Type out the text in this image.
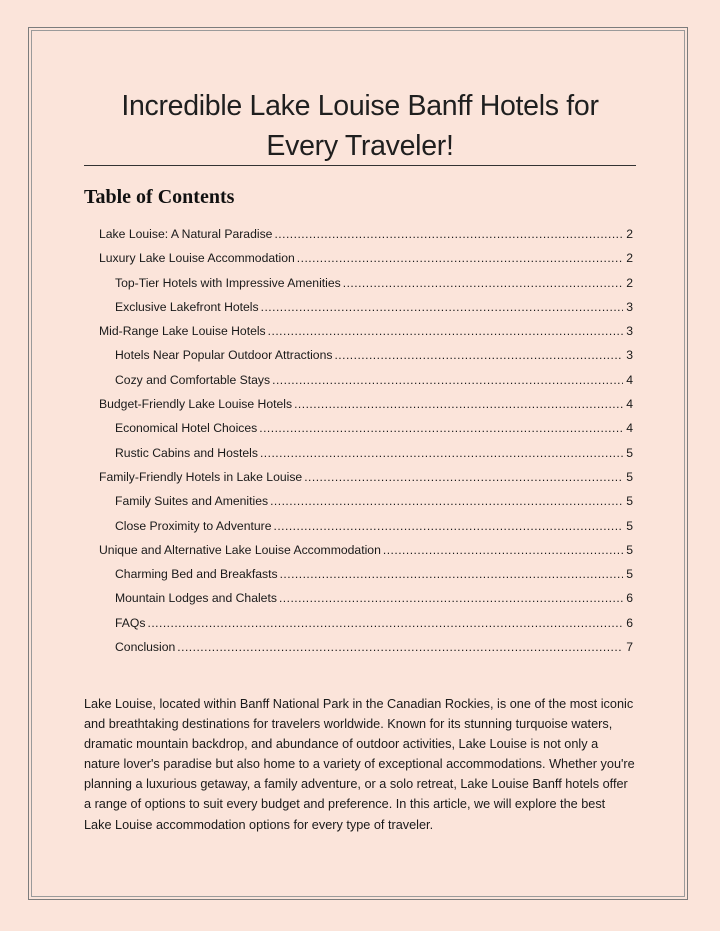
Incredible Lake Louise Banff Hotels for
Every Traveler!
Table of Contents
Lake Louise: A Natural Paradise .....	2
Luxury Lake Louise Accommodation .....	2
Top-Tier Hotels with Impressive Amenities .....	2
Exclusive Lakefront Hotels .....	3
Mid-Range Lake Louise Hotels .....	3
Hotels Near Popular Outdoor Attractions .....	3
Cozy and Comfortable Stays .....	4
Budget-Friendly Lake Louise Hotels .....	4
Economical Hotel Choices .....	4
Rustic Cabins and Hostels .....	5
Family-Friendly Hotels in Lake Louise .....	5
Family Suites and Amenities .....	5
Close Proximity to Adventure .....	5
Unique and Alternative Lake Louise Accommodation .....	5
Charming Bed and Breakfasts .....	5
Mountain Lodges and Chalets .....	6
FAQs .....	6
Conclusion .....	7

Lake Louise, located within Banff National Park in the Canadian Rockies, is one of the most iconic and breathtaking destinations for travelers worldwide. Known for its stunning turquoise waters, dramatic mountain backdrop, and abundance of outdoor activities, Lake Louise is not only a nature lover's paradise but also home to a variety of exceptional accommodations. Whether you're planning a luxurious getaway, a family adventure, or a solo retreat, Lake Louise Banff hotels offer a range of options to suit every budget and preference. In this article, we will explore the best Lake Louise accommodation options for every type of traveler.
